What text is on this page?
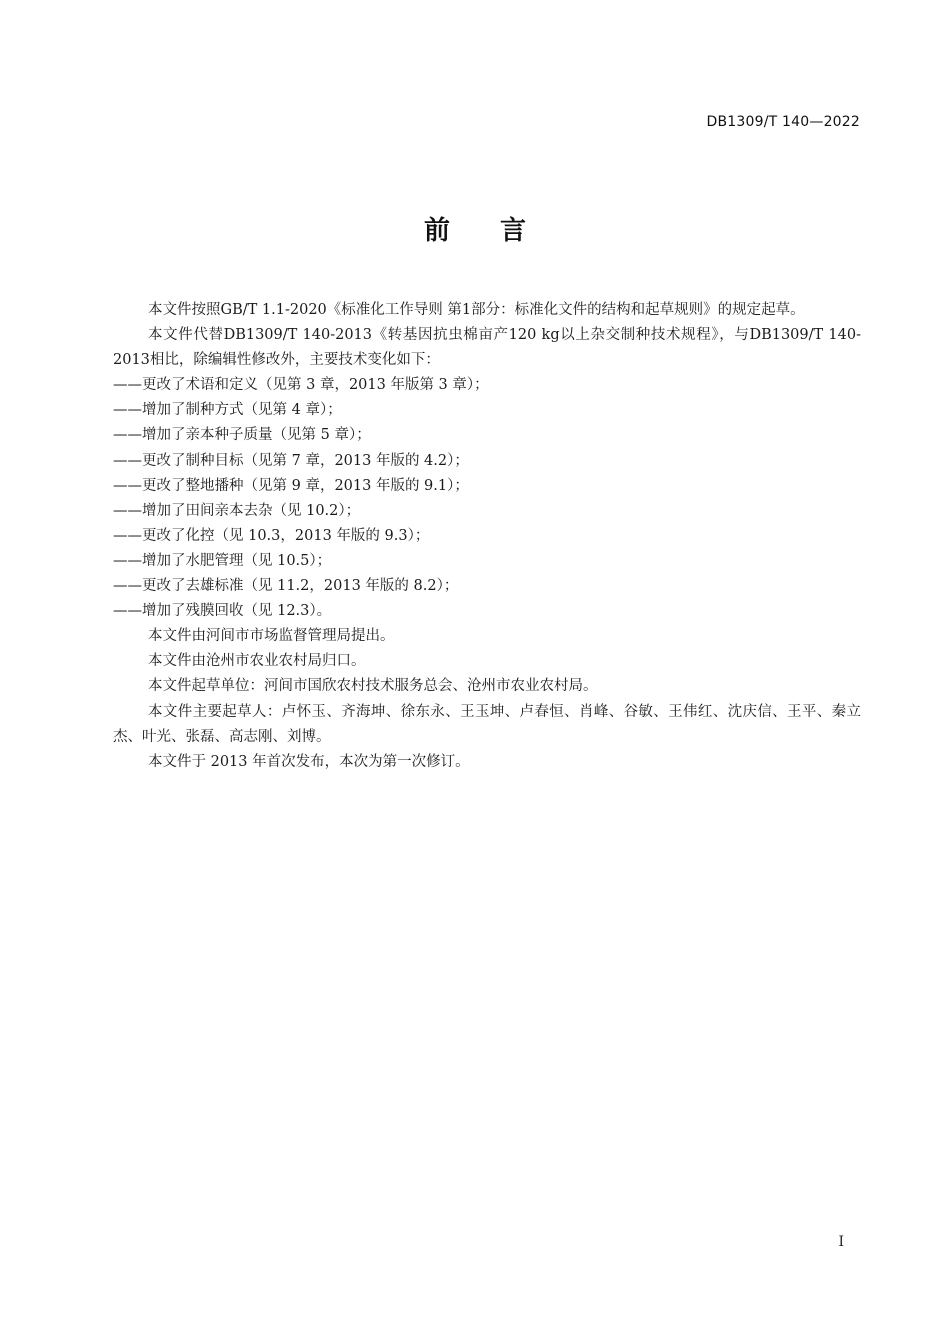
DB1309/T 140—2022
前 言

本文件按照GB/T 1.1-2020《标准化工作导则 第1部分：标准化文件的结构和起草规则》的规定起草。

本文件代替DB1309/T 140-2013《转基因抗虫棉亩产120 kg以上杂交制种技术规程》，与DB1309/T 140-2013相比，除编辑性修改外，主要技术变化如下：

——更改了术语和定义（见第 3 章，2013 年版第 3 章）；

——增加了制种方式（见第 4 章）；

——增加了亲本种子质量（见第 5 章）；

——更改了制种目标（见第 7 章，2013 年版的 4.2）；

——更改了整地播种（见第 9 章，2013 年版的 9.1）；

——增加了田间亲本去杂（见 10.2）；

——更改了化控（见 10.3，2013 年版的 9.3）；

——增加了水肥管理（见 10.5）；

——更改了去雄标准（见 11.2，2013 年版的 8.2）；

——增加了残膜回收（见 12.3）。

本文件由河间市市场监督管理局提出。

本文件由沧州市农业农村局归口。

本文件起草单位：河间市国欣农村技术服务总会、沧州市农业农村局。

本文件主要起草人：卢怀玉、齐海坤、徐东永、王玉坤、卢春恒、肖峰、谷敏、王伟红、沈庆信、王平、秦立杰、叶光、张磊、高志刚、刘博。

本文件于 2013 年首次发布，本次为第一次修订。

I
